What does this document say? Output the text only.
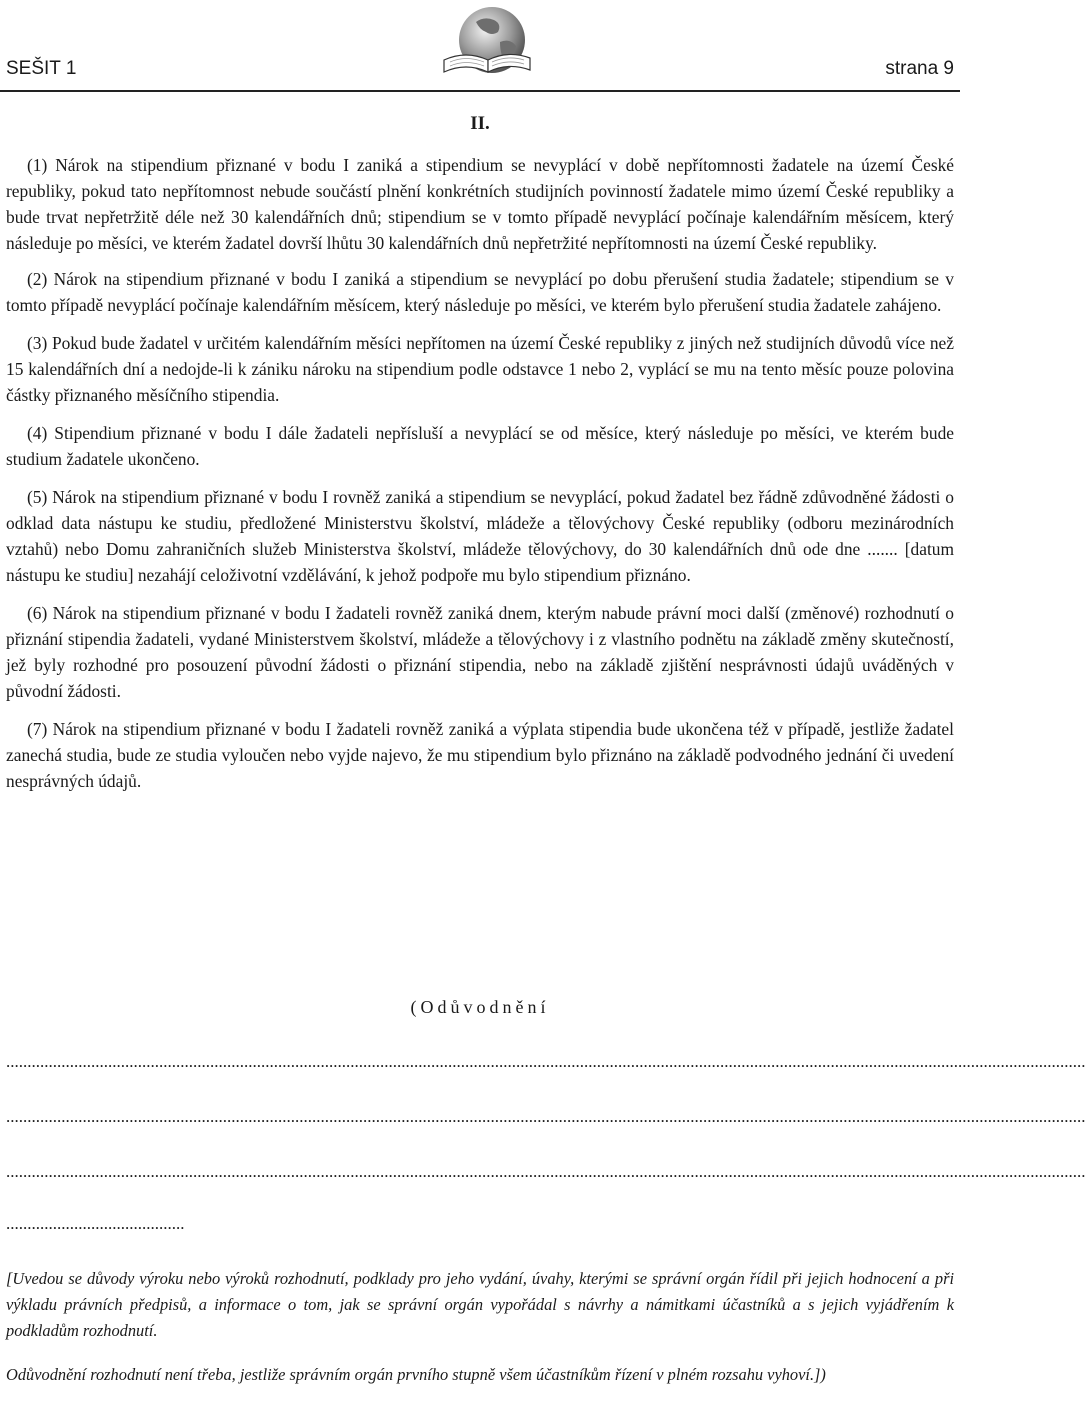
SEŠIT 1	strana 9
II.

(1) Nárok na stipendium přiznané v bodu I zaniká a stipendium se nevyplácí v době nepřítomnosti žadatele na území České republiky, pokud tato nepřítomnost nebude součástí plnění konkrétních studijních povinností žadatele mimo území České republiky a bude trvat nepřetržitě déle než 30 kalendářních dnů; stipendium se v tomto případě nevyplácí počínaje kalendářním měsícem, který následuje po měsíci, ve kterém žadatel dovrší lhůtu 30 kalendářních dnů nepřetržité nepřítomnosti na území České republiky.

(2) Nárok na stipendium přiznané v bodu I zaniká a stipendium se nevyplácí po dobu přerušení studia žadatele; stipendium se v tomto případě nevyplácí počínaje kalendářním měsícem, který následuje po měsíci, ve kterém bylo přerušení studia žadatele zahájeno.

(3) Pokud bude žadatel v určitém kalendářním měsíci nepřítomen na území České republiky z jiných než studijních důvodů více než 15 kalendářních dní a nedojde-li k zániku nároku na stipendium podle odstavce 1 nebo 2, vyplácí se mu na tento měsíc pouze polovina částky přiznaného měsíčního stipendia.

(4) Stipendium přiznané v bodu I dále žadateli nepřísluší a nevyplácí se od měsíce, který následuje po měsíci, ve kterém bude studium žadatele ukončeno.

(5) Nárok na stipendium přiznané v bodu I rovněž zaniká a stipendium se nevyplácí, pokud žadatel bez řádně zdůvodněné žádosti o odklad data nástupu ke studiu, předložené Ministerstvu školství, mládeže a tělovýchovy České republiky (odboru mezinárodních vztahů) nebo Domu zahraničních služeb Ministerstva školství, mládeže tělovýchovy, do 30 kalendářních dnů ode dne ....... [datum nástupu ke studiu] nezahájí celoživotní vzdělávání, k jehož podpoře mu bylo stipendium přiznáno.

(6) Nárok na stipendium přiznané v bodu I žadateli rovněž zaniká dnem, kterým nabude právní moci další (změnové) rozhodnutí o přiznání stipendia žadateli, vydané Ministerstvem školství, mládeže a tělovýchovy i z vlastního podnětu na základě změny skutečností, jež byly rozhodné pro posouzení původní žádosti o přiznání stipendia, nebo na základě zjištění nesprávnosti údajů uváděných v původní žádosti.

(7) Nárok na stipendium přiznané v bodu I žadateli rovněž zaniká a výplata stipendia bude ukončena též v případě, jestliže žadatel zanechá studia, bude ze studia vyloučen nebo vyjde najevo, že mu stipendium bylo přiznáno na základě podvodného jednání či uvedení nesprávných údajů.

(Odůvodnění
..............................................................................................................................................................................................................................................................
..............................................................................................................................................................................................................................................................
..............................................................................................................................................................................................................................................................
..........................................
[Uvedou se důvody výroku nebo výroků rozhodnutí, podklady pro jeho vydání, úvahy, kterými se správní orgán řídil při jejich hodnocení a při výkladu právních předpisů, a informace o tom, jak se správní orgán vypořádal s návrhy a námitkami účastníků a s jejich vyjádřením k podkladům rozhodnutí.
Odůvodnění rozhodnutí není třeba, jestliže správním orgán prvního stupně všem účastníkům řízení v plném rozsahu vyhoví.])
